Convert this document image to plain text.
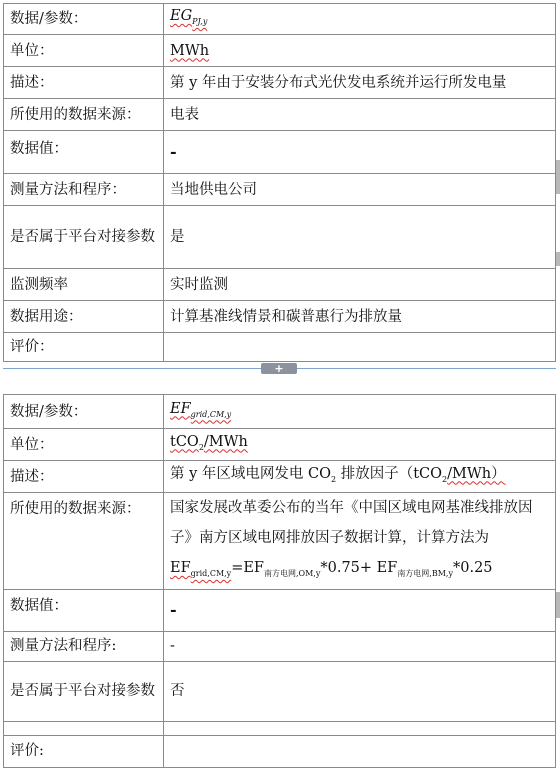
数据/参数：	$EG_{PJ,y}$
单位：	MWh
描述：	第 y 年由于安装分布式光伏发电系统并运行所发电量
所使用的数据来源：	电表
数据值：	-
测量方法和程序：	当地供电公司
是否属于平台对接参数	是
监测频率	实时监测
数据用途：	计算基准线情景和碳普惠行为排放量
评价：	
+
数据/参数：	$EF_{grid,CM,y}$
单位：	tCO$_2$/MWh
描述：	第 y 年区域电网发电 $CO_2$ 排放因子（tCO$_2$/MWh）
所使用的数据来源：	国家发展改革委公布的当年《中国区域电网基准线排放因子》南方区域电网排放因子数据计算，计算方法为
$EF_{grid,CM,y}=EF_{南方电网,OM,y}*0.75+ EF_{南方电网,BM,y}*0.25$
数据值：	-
测量方法和程序:	-
是否属于平台对接参数	否

评价:	
